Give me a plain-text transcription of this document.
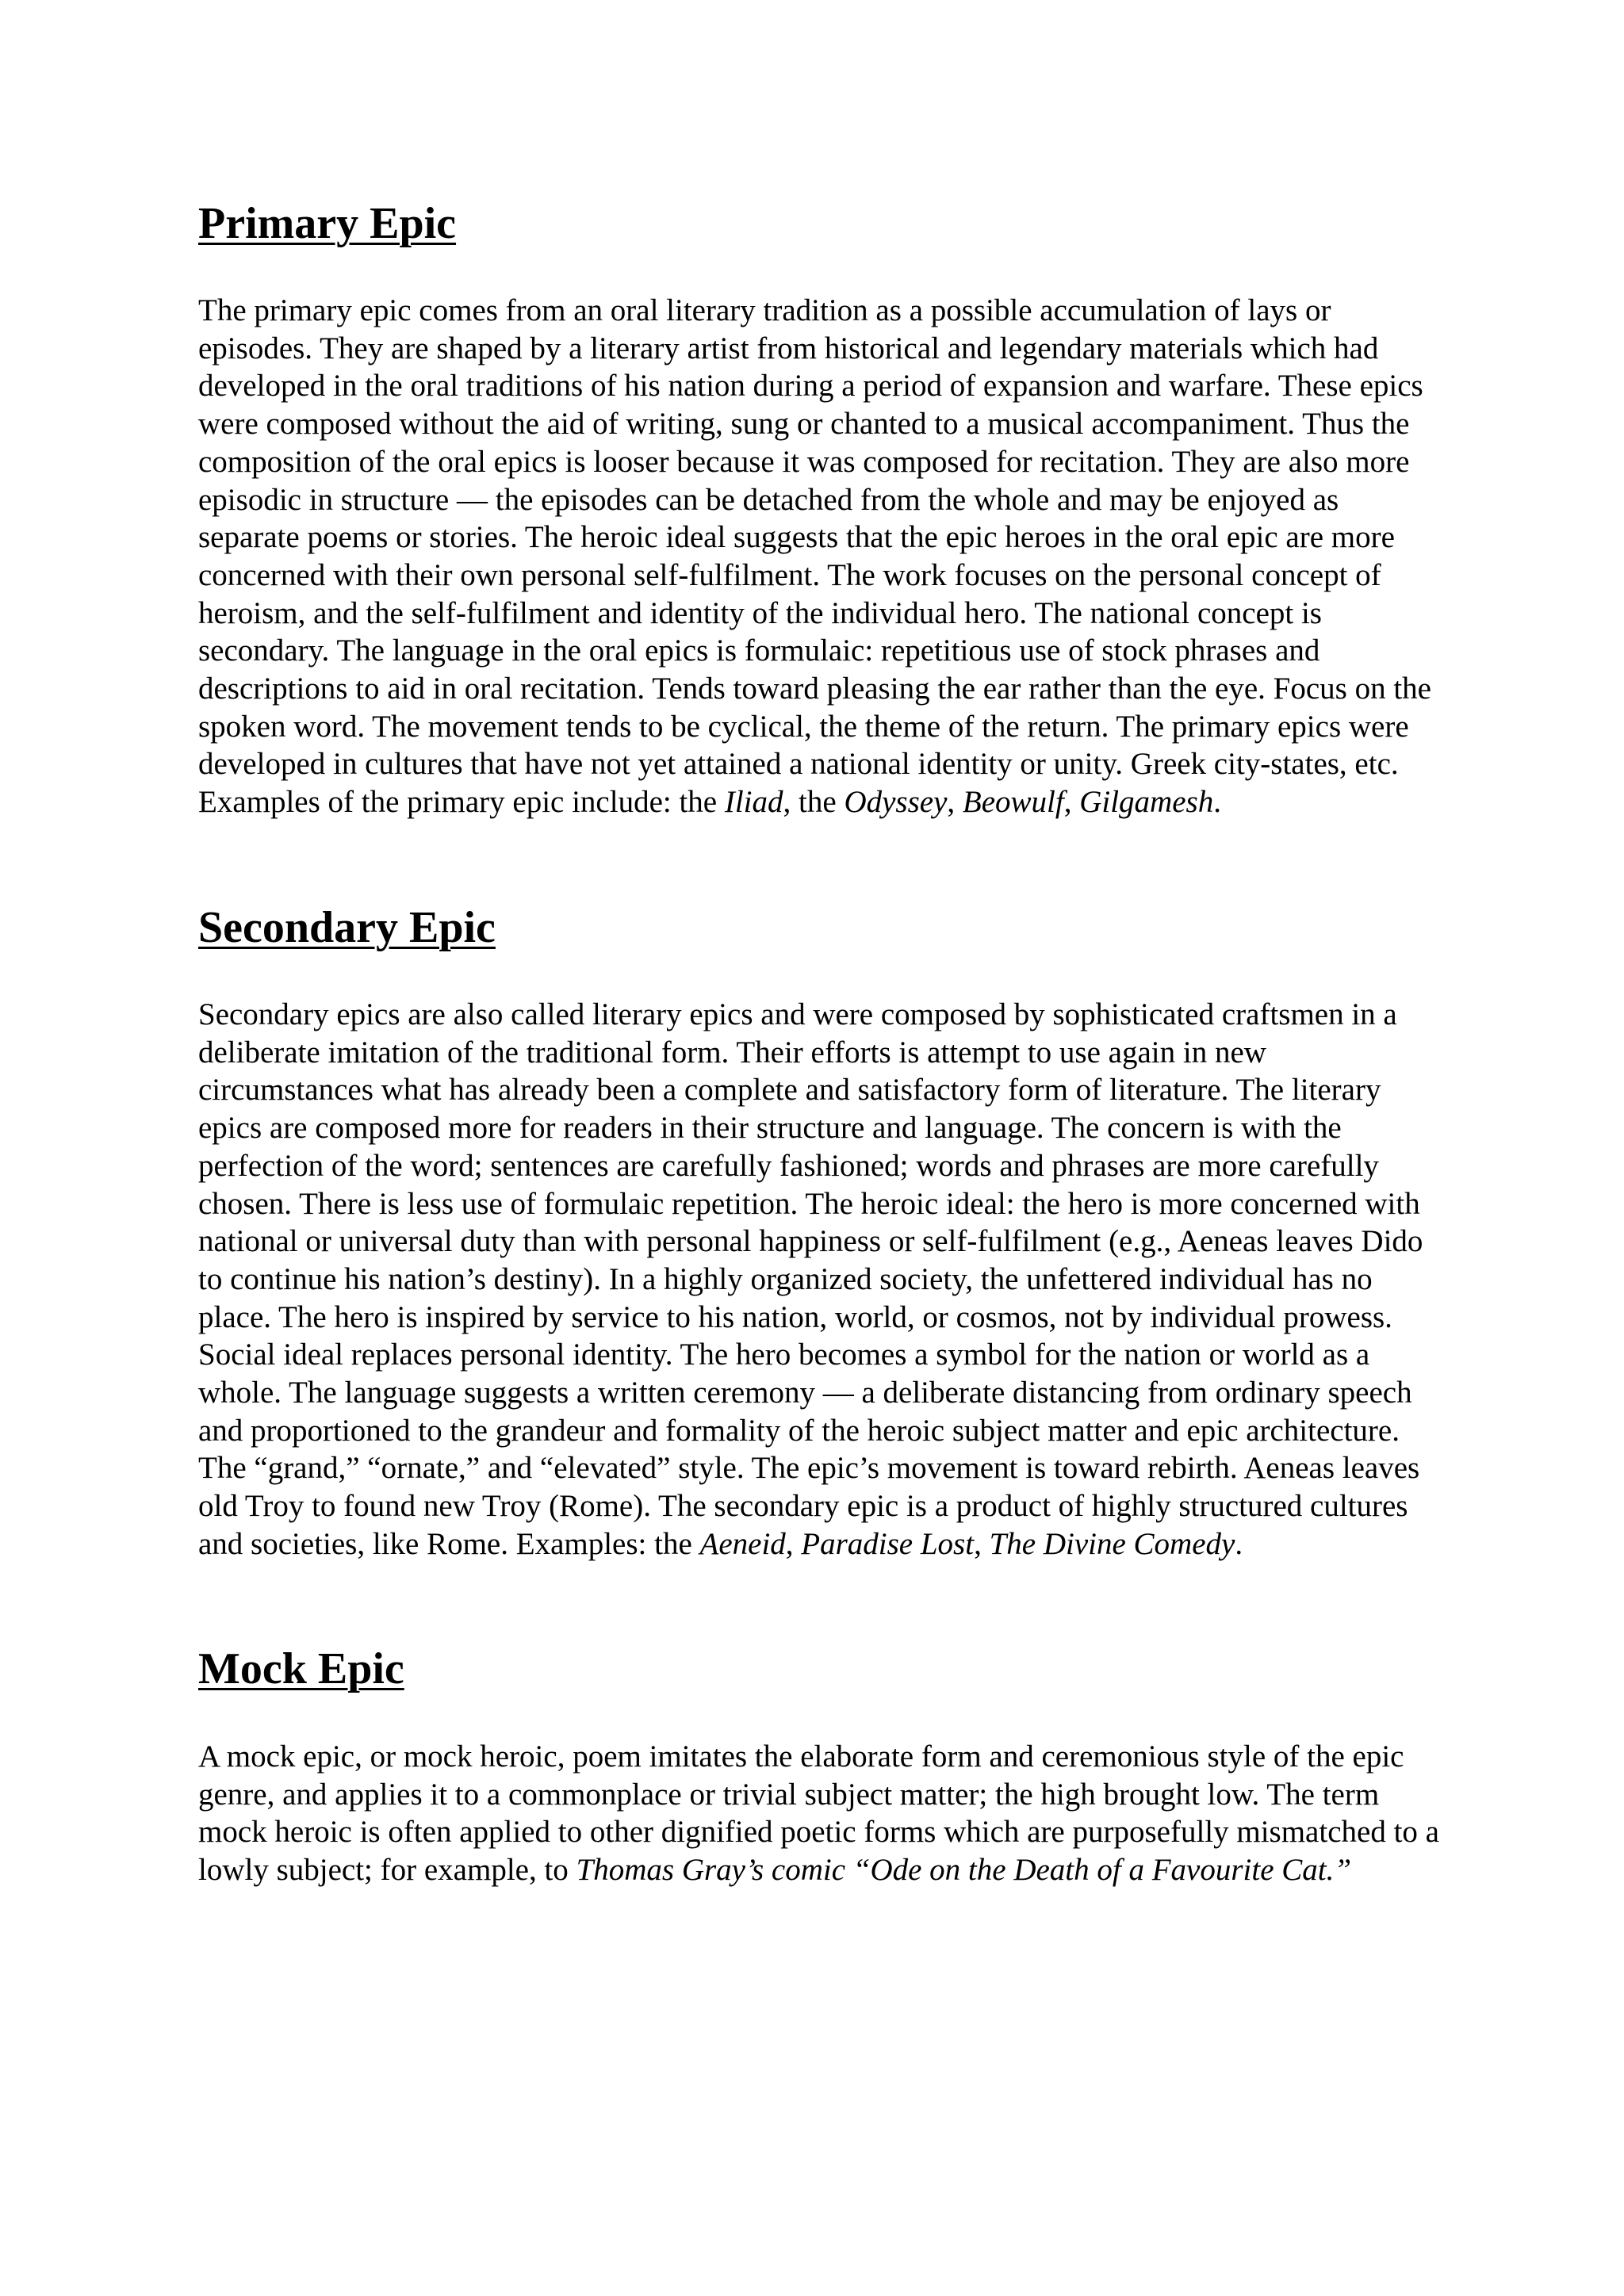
Primary Epic

The primary epic comes from an oral literary tradition as a possible accumulation of lays or episodes. They are shaped by a literary artist from historical and legendary materials which had developed in the oral traditions of his nation during a period of expansion and warfare. These epics were composed without the aid of writing, sung or chanted to a musical accompaniment. Thus the composition of the oral epics is looser because it was composed for recitation. They are also more episodic in structure — the episodes can be detached from the whole and may be enjoyed as separate poems or stories. The heroic ideal suggests that the epic heroes in the oral epic are more concerned with their own personal self-fulfilment. The work focuses on the personal concept of heroism, and the self-fulfilment and identity of the individual hero. The national concept is secondary. The language in the oral epics is formulaic: repetitious use of stock phrases and descriptions to aid in oral recitation. Tends toward pleasing the ear rather than the eye. Focus on the spoken word. The movement tends to be cyclical, the theme of the return. The primary epics were developed in cultures that have not yet attained a national identity or unity. Greek city-states, etc. Examples of the primary epic include: the Iliad, the Odyssey, Beowulf, Gilgamesh.

Secondary Epic

Secondary epics are also called literary epics and were composed by sophisticated craftsmen in a deliberate imitation of the traditional form. Their efforts is attempt to use again in new circumstances what has already been a complete and satisfactory form of literature. The literary epics are composed more for readers in their structure and language. The concern is with the perfection of the word; sentences are carefully fashioned; words and phrases are more carefully chosen. There is less use of formulaic repetition. The heroic ideal: the hero is more concerned with national or universal duty than with personal happiness or self-fulfilment (e.g., Aeneas leaves Dido to continue his nation’s destiny). In a highly organized society, the unfettered individual has no place. The hero is inspired by service to his nation, world, or cosmos, not by individual prowess. Social ideal replaces personal identity. The hero becomes a symbol for the nation or world as a whole. The language suggests a written ceremony — a deliberate distancing from ordinary speech and proportioned to the grandeur and formality of the heroic subject matter and epic architecture. The “grand,” “ornate,” and “elevated” style. The epic’s movement is toward rebirth. Aeneas leaves old Troy to found new Troy (Rome). The secondary epic is a product of highly structured cultures and societies, like Rome. Examples: the Aeneid, Paradise Lost, The Divine Comedy.

Mock Epic

A mock epic, or mock heroic, poem imitates the elaborate form and ceremonious style of the epic genre, and applies it to a commonplace or trivial subject matter; the high brought low. The term mock heroic is often applied to other dignified poetic forms which are purposefully mismatched to a lowly subject; for example, to Thomas Gray’s comic “Ode on the Death of a Favourite Cat.”
